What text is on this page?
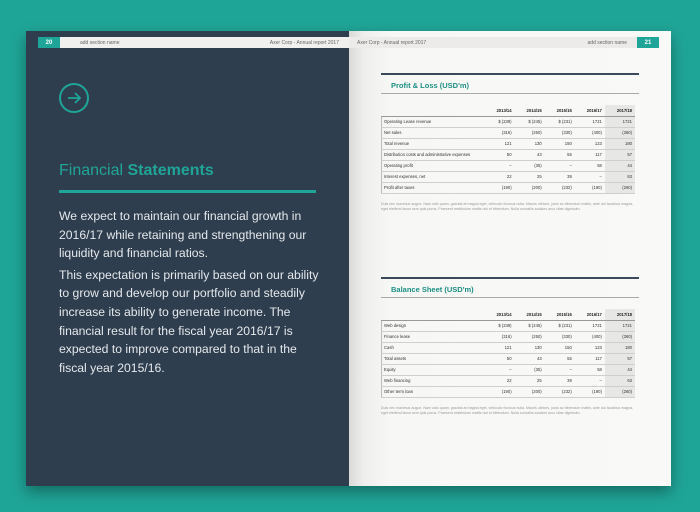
add section name	Axer Corp - Annual report 2017
20
Financial Statements

We expect to maintain our financial growth in 2016/17 while retaining and strengthening our liquidity and financial ratios.

This expectation is primarily based on our ability to grow and develop our portfolio and steadily increase its ability to generate income. The financial result for the fiscal year 2016/17 is expected to improve compared to that in the fiscal year 2015/16.

Axer Corp - Annual report 2017	add section name	21
Profit & Loss (USD'm)
	2013/14	2014/15	2015/16	2016/17	2017/18
Operating Lease revenue	$ (239)	$ (245)	$ (231)	1721	1721
Net sales	(316)	(250)	(330)	(400)	(360)
Total revenue	121	130	150	123	180
Distribution costs and administrative expenses	50	43	55	117	57
Operating profit	–	(35)	–	58	44
Interest expenses, net	22	25	39	–	63
Profit after taxes	(190)	(200)	(232)	(190)	(260)
Duis nec maximus augue. Nam odio quam, gravida at magna eget, vehicula rhoncus nulla. Mauris ultrices, justo ac bibendum mattis, ante dui faucibus magna, eget eleifend lacus sem quis purus. Praesent vestibulum mattis nisl et bibendum. Nulla convallis sodales arcu vitae dignissim.
Balance Sheet (USD'm)
	2013/14	2014/15	2015/16	2016/17	2017/18
Web design	$ (239)	$ (245)	$ (231)	1721	1721
Finance lease	(316)	(250)	(330)	(400)	(360)
Cash	121	130	150	123	180
Total assets	50	43	55	117	57
Equity	–	(35)	–	58	44
Web financing	22	25	39	–	63
Other term loan	(190)	(200)	(232)	(190)	(260)
Duis nec maximus augue. Nam odio quam, gravida at magna eget, vehicula rhoncus nulla. Mauris ultrices, justo ac bibendum mattis, ante dui faucibus magna, eget eleifend lacus sem quis purus. Praesent vestibulum mattis nisl et bibendum. Nulla convallis sodales arcu vitae dignissim.
